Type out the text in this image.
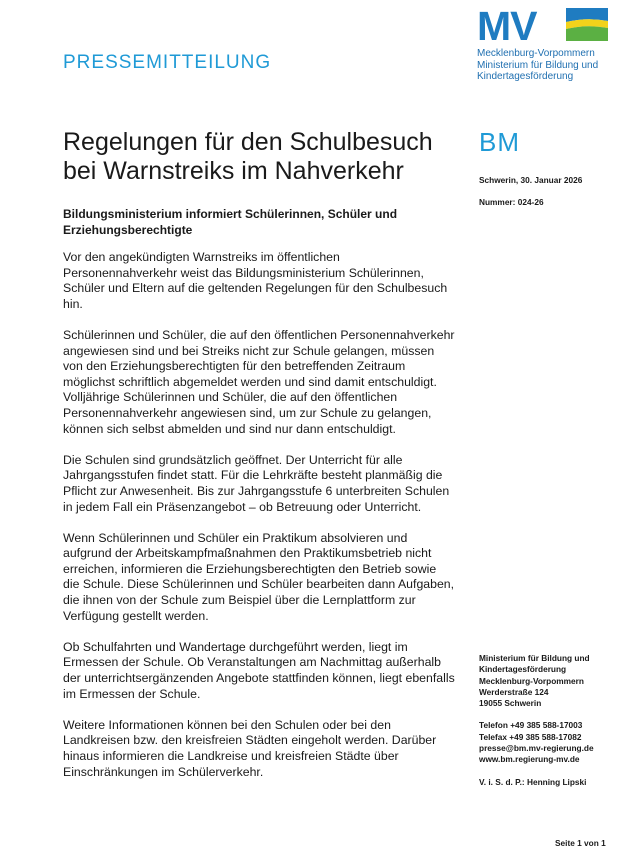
PRESSEMITTEILUNG
MV
Mecklenburg-Vorpommern
Ministerium für Bildung und
Kindertagesförderung
Regelungen für den Schulbesuch
bei Warnstreiks im Nahverkehr
Bildungsministerium informiert Schülerinnen, Schüler und Erziehungsberechtigte

Vor den angekündigten Warnstreiks im öffentlichen Personennahverkehr weist das Bildungsministerium Schülerinnen, Schüler und Eltern auf die geltenden Regelungen für den Schulbesuch hin.

Schülerinnen und Schüler, die auf den öffentlichen Personennahverkehr angewiesen sind und bei Streiks nicht zur Schule gelangen, müssen von den Erziehungsberechtigten für den betreffenden Zeitraum möglichst schriftlich abgemeldet werden und sind damit entschuldigt. Volljährige Schülerinnen und Schüler, die auf den öffentlichen Personennahverkehr angewiesen sind, um zur Schule zu gelangen, können sich selbst abmelden und sind nur dann entschuldigt.

Die Schulen sind grundsätzlich geöffnet. Der Unterricht für alle Jahrgangsstufen findet statt. Für die Lehrkräfte besteht planmäßig die Pflicht zur Anwesenheit. Bis zur Jahrgangsstufe 6 unterbreiten Schulen in jedem Fall ein Präsenzangebot – ob Betreuung oder Unterricht.

Wenn Schülerinnen und Schüler ein Praktikum absolvieren und aufgrund der Arbeitskampfmaßnahmen den Praktikumsbetrieb nicht erreichen, informieren die Erziehungsberechtigten den Betrieb sowie die Schule. Diese Schülerinnen und Schüler bearbeiten dann Aufgaben, die ihnen von der Schule zum Beispiel über die Lernplattform zur Verfügung gestellt werden.

Ob Schulfahrten und Wandertage durchgeführt werden, liegt im Ermessen der Schule. Ob Veranstaltungen am Nachmittag außerhalb der unterrichtsergänzenden Angebote stattfinden können, liegt ebenfalls im Ermessen der Schule.

Weitere Informationen können bei den Schulen oder bei den Landkreisen bzw. den kreisfreien Städten eingeholt werden. Darüber hinaus informieren die Landkreise und kreisfreien Städte über Einschränkungen im Schülerverkehr.

BM
Schwerin, 30. Januar 2026
Nummer: 024-26
Ministerium für Bildung und
Kindertagesförderung
Mecklenburg-Vorpommern
Werderstraße 124
19055 Schwerin
Telefon +49 385 588-17003
Telefax +49 385 588-17082
presse@bm.mv-regierung.de
www.bm.regierung-mv.de
V. i. S. d. P.: Henning Lipski
Seite 1 von 1
